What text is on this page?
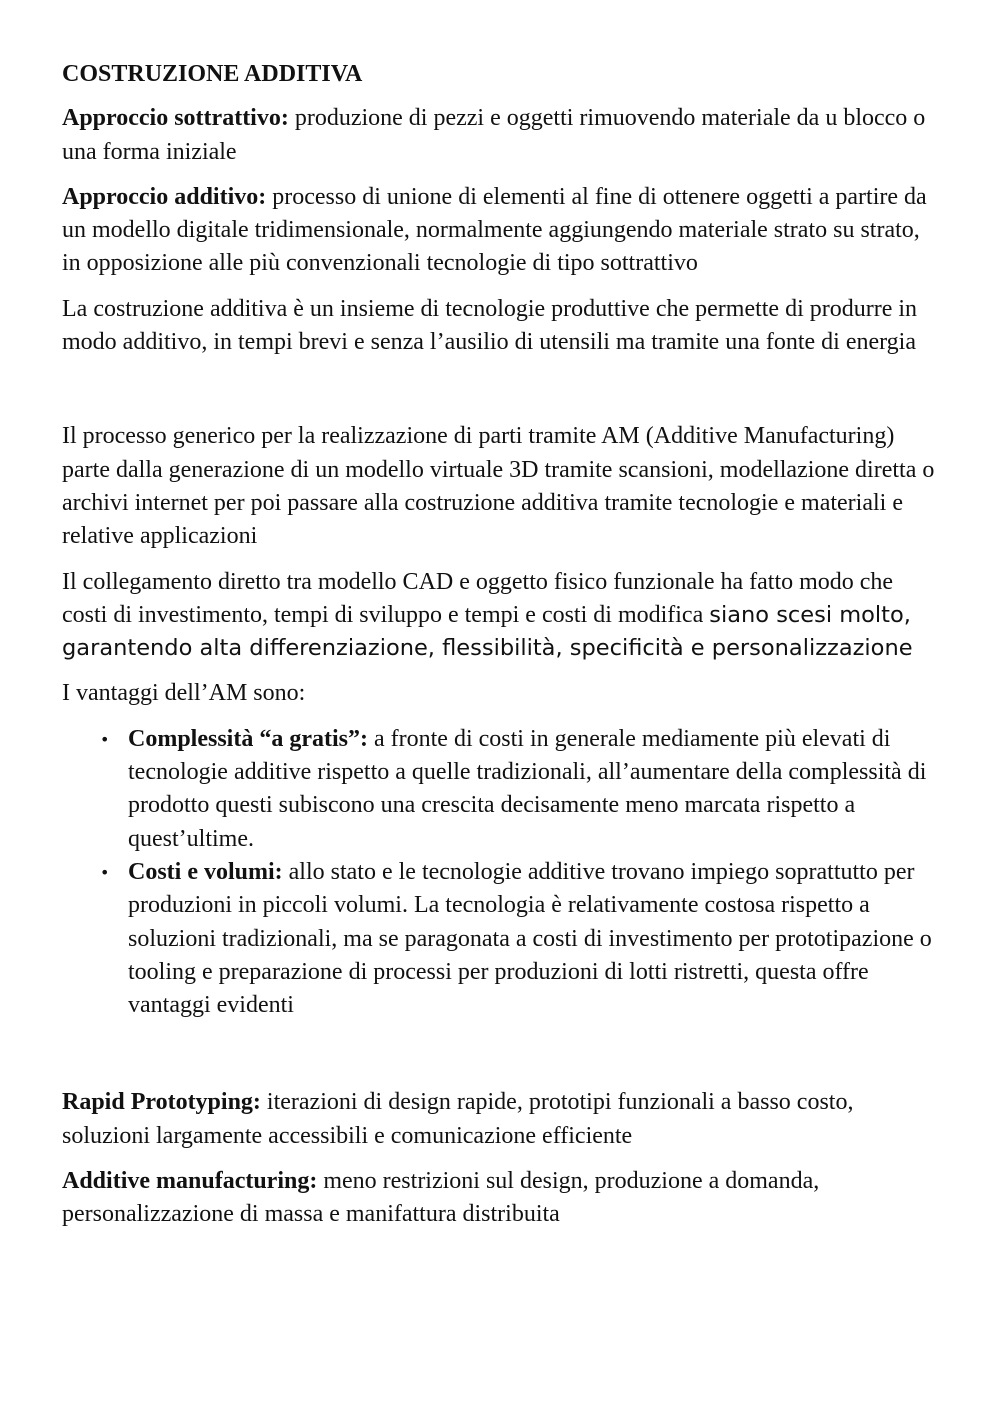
COSTRUZIONE ADDITIVA

Approccio sottrattivo: produzione di pezzi e oggetti rimuovendo materiale da u blocco o una forma iniziale

Approccio additivo: processo di unione di elementi al fine di ottenere oggetti a partire da un modello digitale tridimensionale, normalmente aggiungendo materiale strato su strato, in opposizione alle più convenzionali tecnologie di tipo sottrattivo

La costruzione additiva è un insieme di tecnologie produttive che permette di produrre in modo additivo, in tempi brevi e senza l’ausilio di utensili ma tramite una fonte di energia

Il processo generico per la realizzazione di parti tramite AM (Additive Manufacturing) parte dalla generazione di un modello virtuale 3D tramite scansioni, modellazione diretta o archivi internet per poi passare alla costruzione additiva tramite tecnologie e materiali e relative applicazioni

Il collegamento diretto tra modello CAD e oggetto fisico funzionale ha fatto modo che costi di investimento, tempi di sviluppo e tempi e costi di modifica siano scesi molto, garantendo alta differenziazione, flessibilità, specificità e personalizzazione

I vantaggi dell’AM sono:

• Complessità “a gratis”: a fronte di costi in generale mediamente più elevati di tecnologie additive rispetto a quelle tradizionali, all’aumentare della complessità di prodotto questi subiscono una crescita decisamente meno marcata rispetto a quest’ultime.
• Costi e volumi: allo stato e le tecnologie additive trovano impiego soprattutto per produzioni in piccoli volumi. La tecnologia è relativamente costosa rispetto a soluzioni tradizionali, ma se paragonata a costi di investimento per prototipazione o tooling e preparazione di processi per produzioni di lotti ristretti, questa offre vantaggi evidenti

Rapid Prototyping: iterazioni di design rapide, prototipi funzionali a basso costo, soluzioni largamente accessibili e comunicazione efficiente

Additive manufacturing: meno restrizioni sul design, produzione a domanda, personalizzazione di massa e manifattura distribuita
